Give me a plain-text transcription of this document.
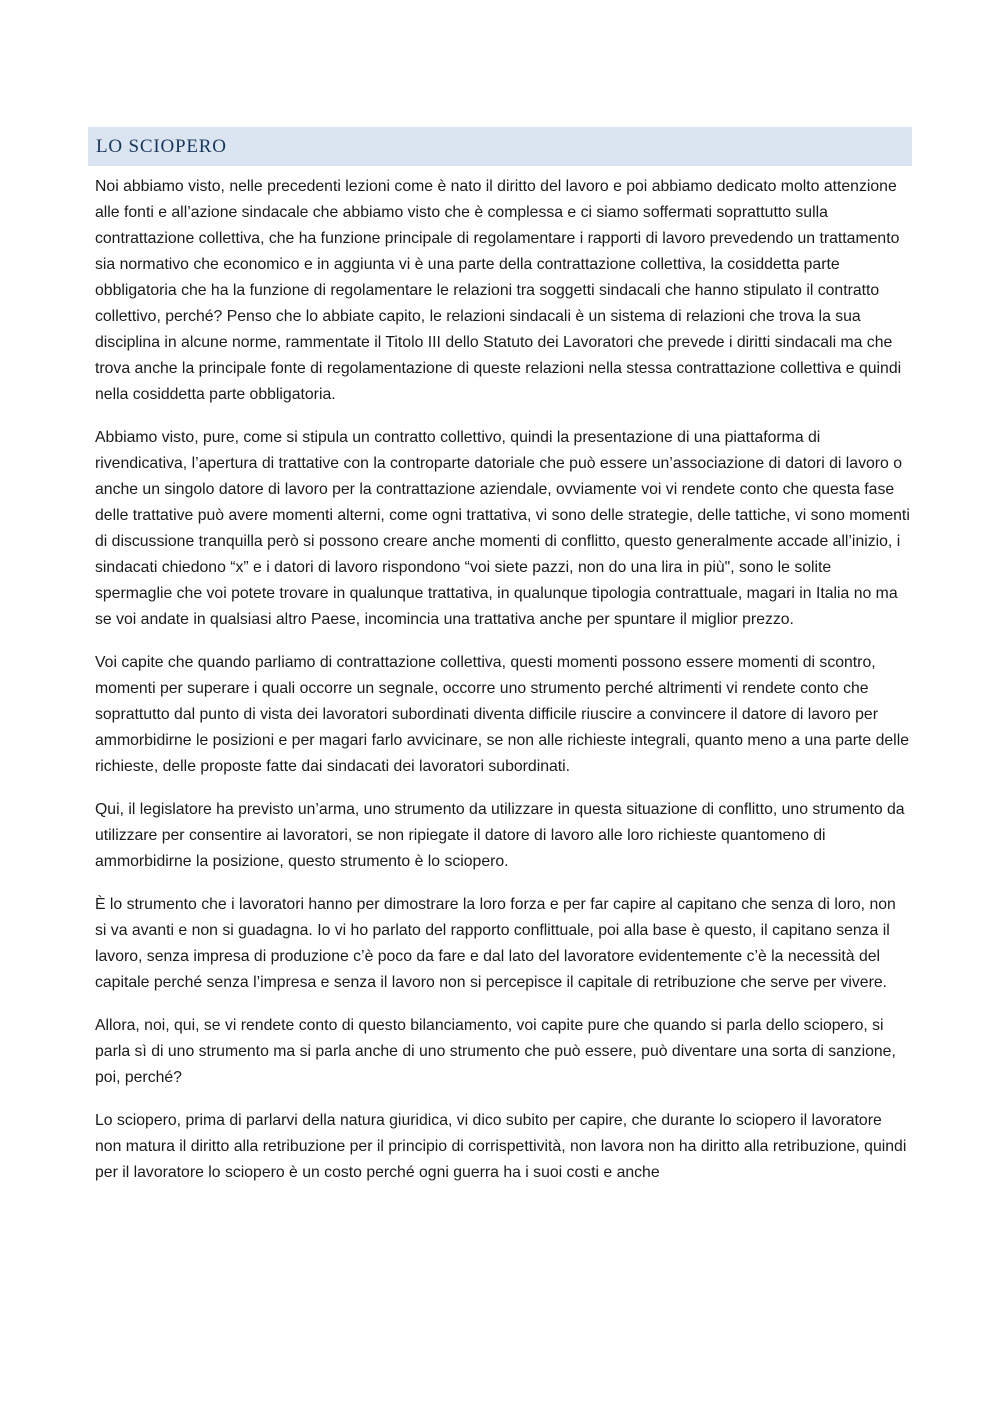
LO SCIOPERO

Noi abbiamo visto, nelle precedenti lezioni come è nato il diritto del lavoro e poi abbiamo dedicato molto attenzione alle fonti e all’azione sindacale che abbiamo visto che è complessa e ci siamo soffermati soprattutto sulla contrattazione collettiva, che ha funzione principale di regolamentare i rapporti di lavoro prevedendo un trattamento sia normativo che economico e in aggiunta vi è una parte della contrattazione collettiva, la cosiddetta parte obbligatoria che ha la funzione di regolamentare le relazioni tra soggetti sindacali che hanno stipulato il contratto collettivo, perché? Penso che lo abbiate capito, le relazioni sindacali è un sistema di relazioni che trova la sua disciplina in alcune norme, rammentate il Titolo III dello Statuto dei Lavoratori che prevede i diritti sindacali ma che trova anche la principale fonte di regolamentazione di queste relazioni nella stessa contrattazione collettiva e quindi nella cosiddetta parte obbligatoria.

Abbiamo visto, pure, come si stipula un contratto collettivo, quindi la presentazione di una piattaforma di rivendicativa, l’apertura di trattative con la controparte datoriale che può essere un’associazione di datori di lavoro o anche un singolo datore di lavoro per la contrattazione aziendale, ovviamente voi vi rendete conto che questa fase delle trattative può avere momenti alterni, come ogni trattativa, vi sono delle strategie, delle tattiche, vi sono momenti di discussione tranquilla però si possono creare anche momenti di conflitto, questo generalmente accade all’inizio, i sindacati chiedono “x” e i datori di lavoro rispondono “voi siete pazzi, non do una lira in più", sono le solite spermaglie che voi potete trovare in qualunque trattativa, in qualunque tipologia contrattuale, magari in Italia no ma se voi andate in qualsiasi altro Paese, incomincia una trattativa anche per spuntare il miglior prezzo.

Voi capite che quando parliamo di contrattazione collettiva, questi momenti possono essere momenti di scontro, momenti per superare i quali occorre un segnale, occorre uno strumento perché altrimenti vi rendete conto che soprattutto dal punto di vista dei lavoratori subordinati diventa difficile riuscire a convincere il datore di lavoro per ammorbidirne le posizioni e per magari farlo avvicinare, se non alle richieste integrali, quanto meno a una parte delle richieste, delle proposte fatte dai sindacati dei lavoratori subordinati.

Qui, il legislatore ha previsto un’arma, uno strumento da utilizzare in questa situazione di conflitto, uno strumento da utilizzare per consentire ai lavoratori, se non ripiegate il datore di lavoro alle loro richieste quantomeno di ammorbidirne la posizione, questo strumento è lo sciopero.

È lo strumento che i lavoratori hanno per dimostrare la loro forza e per far capire al capitano che senza di loro, non si va avanti e non si guadagna. Io vi ho parlato del rapporto conflittuale, poi alla base è questo, il capitano senza il lavoro, senza impresa di produzione c’è poco da fare e dal lato del lavoratore evidentemente c’è la necessità del capitale perché senza l’impresa e senza il lavoro non si percepisce il capitale di retribuzione che serve per vivere.

Allora, noi, qui, se vi rendete conto di questo bilanciamento, voi capite pure che quando si parla dello sciopero, si parla sì di uno strumento ma si parla anche di uno strumento che può essere, può diventare una sorta di sanzione, poi, perché?

Lo sciopero, prima di parlarvi della natura giuridica, vi dico subito per capire, che durante lo sciopero il lavoratore non matura il diritto alla retribuzione per il principio di corrispettività, non lavora non ha diritto alla retribuzione, quindi per il lavoratore lo sciopero è un costo perché ogni guerra ha i suoi costi e anche
